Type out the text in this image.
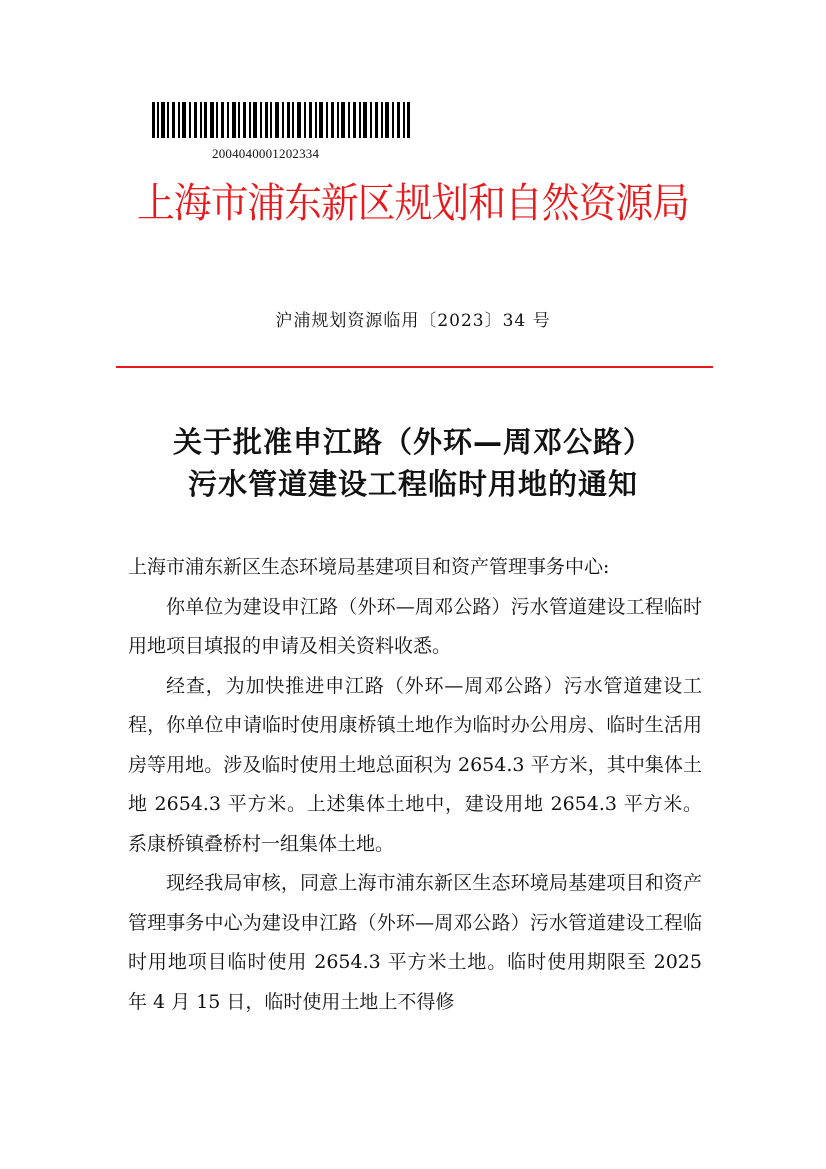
2004040001202334
上海市浦东新区规划和自然资源局
沪浦规划资源临用〔2023〕34 号
关于批准申江路（外环—周邓公路）
污水管道建设工程临时用地的通知

上海市浦东新区生态环境局基建项目和资产管理事务中心:

你单位为建设申江路（外环—周邓公路）污水管道建设工程临时用地项目填报的申请及相关资料收悉。

经查，为加快推进申江路（外环—周邓公路）污水管道建设工程，你单位申请临时使用康桥镇土地作为临时办公用房、临时生活用房等用地。涉及临时使用土地总面积为 2654.3 平方米，其中集体土地 2654.3 平方米。上述集体土地中，建设用地 2654.3 平方米。系康桥镇叠桥村一组集体土地。

现经我局审核，同意上海市浦东新区生态环境局基建项目和资产管理事务中心为建设申江路（外环—周邓公路）污水管道建设工程临时用地项目临时使用 2654.3 平方米土地。临时使用期限至 2025 年 4 月 15 日，临时使用土地上不得修
